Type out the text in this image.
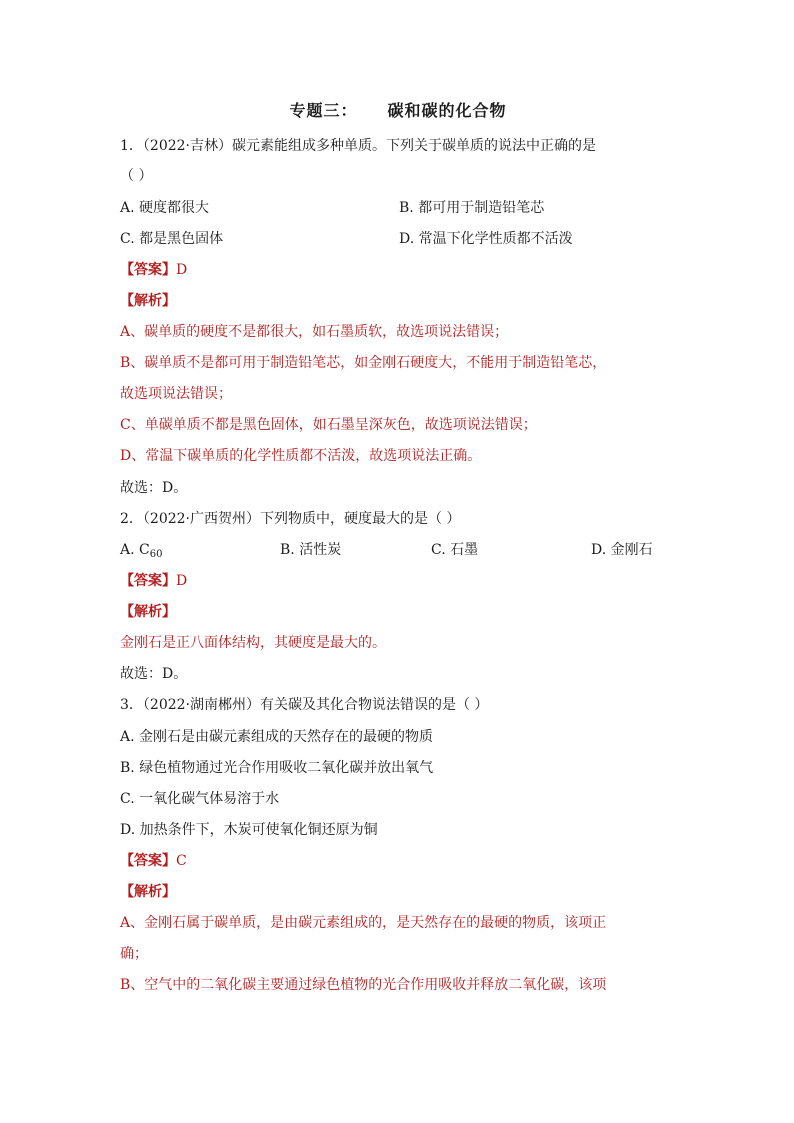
专题三： 碳和碳的化合物
1．（2022·吉林）碳元素能组成多种单质。下列关于碳单质的说法中正确的是
（ ）
A. 硬度都很大	B. 都可用于制造铅笔芯
C. 都是黑色固体	D. 常温下化学性质都不活泼
【答案】D
【解析】
A、碳单质的硬度不是都很大，如石墨质软，故选项说法错误；
B、碳单质不是都可用于制造铅笔芯，如金刚石硬度大，不能用于制造铅笔芯，
故选项说法错误；
C、单碳单质不都是黑色固体，如石墨呈深灰色，故选项说法错误；
D、常温下碳单质的化学性质都不活泼，故选项说法正确。
故选：D。
2．（2022·广西贺州）下列物质中，硬度最大的是（ ）
A. $C_{60}$	B. 活性炭	C. 石墨	D. 金刚石
【答案】D
【解析】
金刚石是正八面体结构，其硬度是最大的。
故选：D。
3．（2022·湖南郴州）有关碳及其化合物说法错误的是（ ）
A. 金刚石是由碳元素组成的天然存在的最硬的物质
B. 绿色植物通过光合作用吸收二氧化碳并放出氧气
C. 一氧化碳气体易溶于水
D. 加热条件下，木炭可使氧化铜还原为铜
【答案】C
【解析】
A、金刚石属于碳单质，是由碳元素组成的，是天然存在的最硬的物质，该项正
确；
B、空气中的二氧化碳主要通过绿色植物的光合作用吸收并释放二氧化碳，该项
